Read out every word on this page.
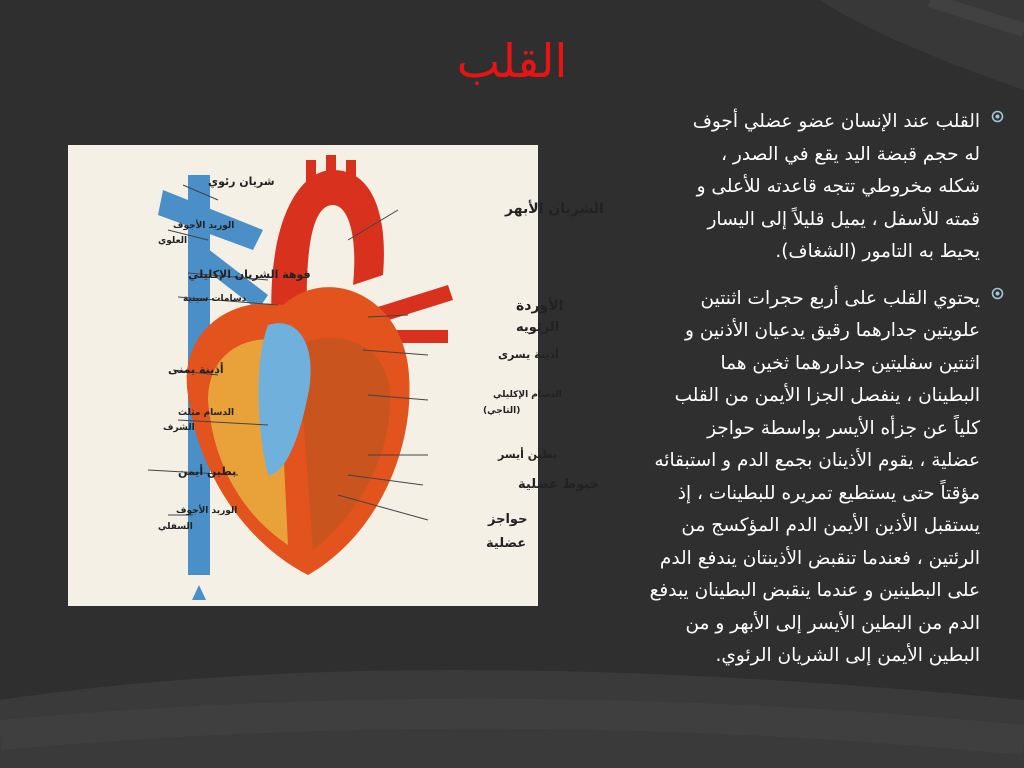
القلب
شريان رئوي
الوريد الأجوف
العلوي
فوهة الشريان الإكليلي
دسامات سينية
أذينة يمنى
الدسام مثلث
الشرف
بطين أيمن
الوريد الأجوف
السفلي
الشريان الأبهر
الأوردة
الرئويه
أذينة يسرى
الدسام الإكليلي
(التاجي)
بطين أيسر
خيوط عضلية
حواجز
عضلية
القلب عند الإنسان عضو عضلي أجوف
له حجم قبضة اليد يقع في الصدر ،
شكله مخروطي تتجه قاعدته للأعلى و
قمته للأسفل ، يميل قليلاً إلى اليسار
يحيط به التامور (الشغاف).
يحتوي القلب على أربع حجرات اثنتين
علويتين جدارهما رقيق يدعيان الأذنين و
اثنتين سفليتين جداررهما ثخين هما
البطينان ، ينفصل الجزا الأيمن من القلب
كلياً عن جزأه الأيسر بواسطة حواجز
عضلية ، يقوم الأذينان بجمع الدم و استبقائه
مؤقتاً حتى يستطيع تمريره للبطينات ، إذ
يستقبل الأذين الأيمن الدم المؤكسج من
الرئتين ، فعندما تنقبض الأذينتان يندفع الدم
على البطينين و عندما ينقبض البطينان يبدفع
الدم من البطين الأيسر إلى الأبهر و من
البطين الأيمن إلى الشريان الرئوي.
